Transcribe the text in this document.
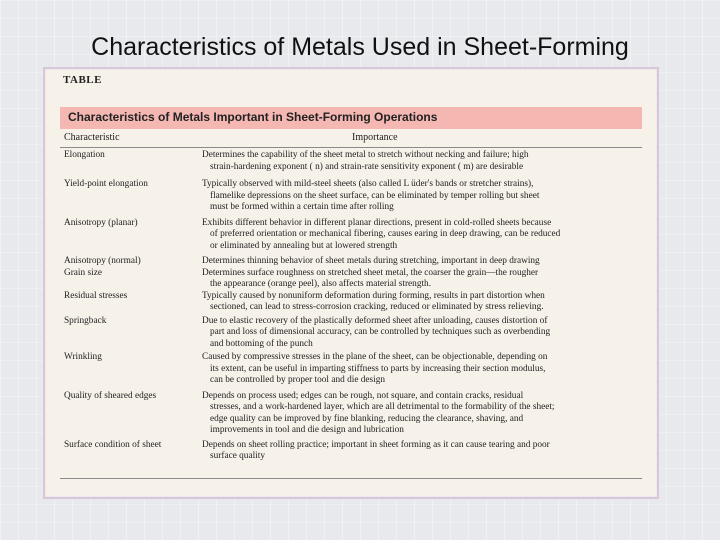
Characteristics of Metals Used in Sheet-Forming
TABLE
Characteristics of Metals Important in Sheet-Forming Operations
Characteristic	Importance
Elongation	Determines the capability of the sheet metal to stretch without necking and failure; high
strain-hardening exponent ( n) and strain-rate sensitivity exponent ( m) are desirable
Yield-point elongation	Typically observed with mild-steel sheets (also called L üder's bands or stretcher strains),
flamelike depressions on the sheet surface, can be eliminated by temper rolling but sheet
must be formed within a certain time after rolling
Anisotropy (planar)	Exhibits different behavior in different planar directions, present in cold-rolled sheets because
of preferred orientation or mechanical fibering, causes earing in deep drawing, can be reduced
or eliminated by annealing but at lowered strength
Anisotropy (normal)	Determines thinning behavior of sheet metals during stretching, important in deep drawing
Grain size	Determines surface roughness on stretched sheet metal, the coarser the grain—the rougher
the appearance (orange peel), also affects material strength.
Residual stresses	Typically caused by nonuniform deformation during forming, results in part distortion when
sectioned, can lead to stress-corrosion cracking, reduced or eliminated by stress relieving.
Springback	Due to elastic recovery of the plastically deformed sheet after unloading, causes distortion of
part and loss of dimensional accuracy, can be controlled by techniques such as overbending
and bottoming of the punch
Wrinkling	Caused by compressive stresses in the plane of the sheet, can be objectionable, depending on
its extent, can be useful in imparting stiffness to parts by increasing their section modulus,
can be controlled by proper tool and die design
Quality of sheared edges	Depends on process used; edges can be rough, not square, and contain cracks, residual
stresses, and a work-hardened layer, which are all detrimental to the formability of the sheet;
edge quality can be improved by fine blanking, reducing the clearance, shaving, and
improvements in tool and die design and lubrication
Surface condition of sheet	Depends on sheet rolling practice; important in sheet forming as it can cause tearing and poor
surface quality
